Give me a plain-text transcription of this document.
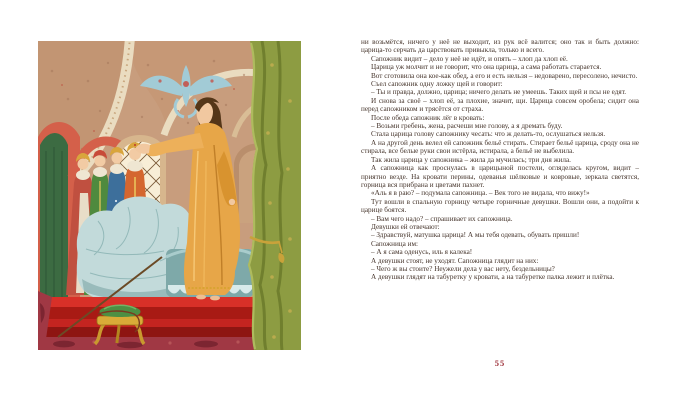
ни возьмётся, ничего у неё не выходит, из рук всё валится; оно так и быть должно: царица-то серчать да царствовать привыкла, только и всего.

Сапожник видит – дело у неё не идёт, и опять – хлоп да хлоп её.

Царица уж молчит и не говорит, что она царица, а сама работать старается.

Вот сготовила она кое-как обед, а его и есть нельзя – недоварено, пересолено, нечисто.

Съел сапожник одну ложку щей и говорит:

– Ты и правда, должно, царица; ничего делать не умеешь. Таких щей и псы не едят.

И снова за своё – хлоп её, за плохие, значит, щи. Царица совсем оробела; сидит она перед сапожником и трясётся от страха.

После обеда сапожник лёг в кровать:

– Возьми гребень, жена, расчеши мне голову, а я дремать буду.

Стала царица голову сапожнику чесать: что ж делать-то, ослушаться нельзя.

А на другой день велел ей сапожник бельё стирать. Стирает бельё царица, сроду она не стирала, все белые руки свои истёрла, истирала, а бельё не выбелила.

Так жила царица у сапожника – жила да мучилась; три дня жила.

А сапожница как проснулась в царицыной постели, огляделась кругом, видит – приятно везде. На кровати перины, одеванья шёлковые и ковровые, зеркала светятся, горница вся прибрана и цветами пахнет.

«Аль я в раю? – подумала сапожница. – Век того не видала, что вижу!»

Тут вошли в спальную горницу четыре горничные девушки. Вошли они, а подойти к царице боятся.

– Вам чего надо? – спрашивает их сапожница.

Девушки ей отвечают:

– Здравствуй, матушка царица! А мы тебя одевать, обувать пришли!

Сапожница им:

– А я сама оденусь, иль я калека!

А девушки стоят, не уходят. Сапожница глядит на них:

– Чего ж вы стоите? Неужели дела у вас нету, бездельницы?

А девушки глядят на табуретку у кровати, а на табуретке палка лежит и плётка.

55
